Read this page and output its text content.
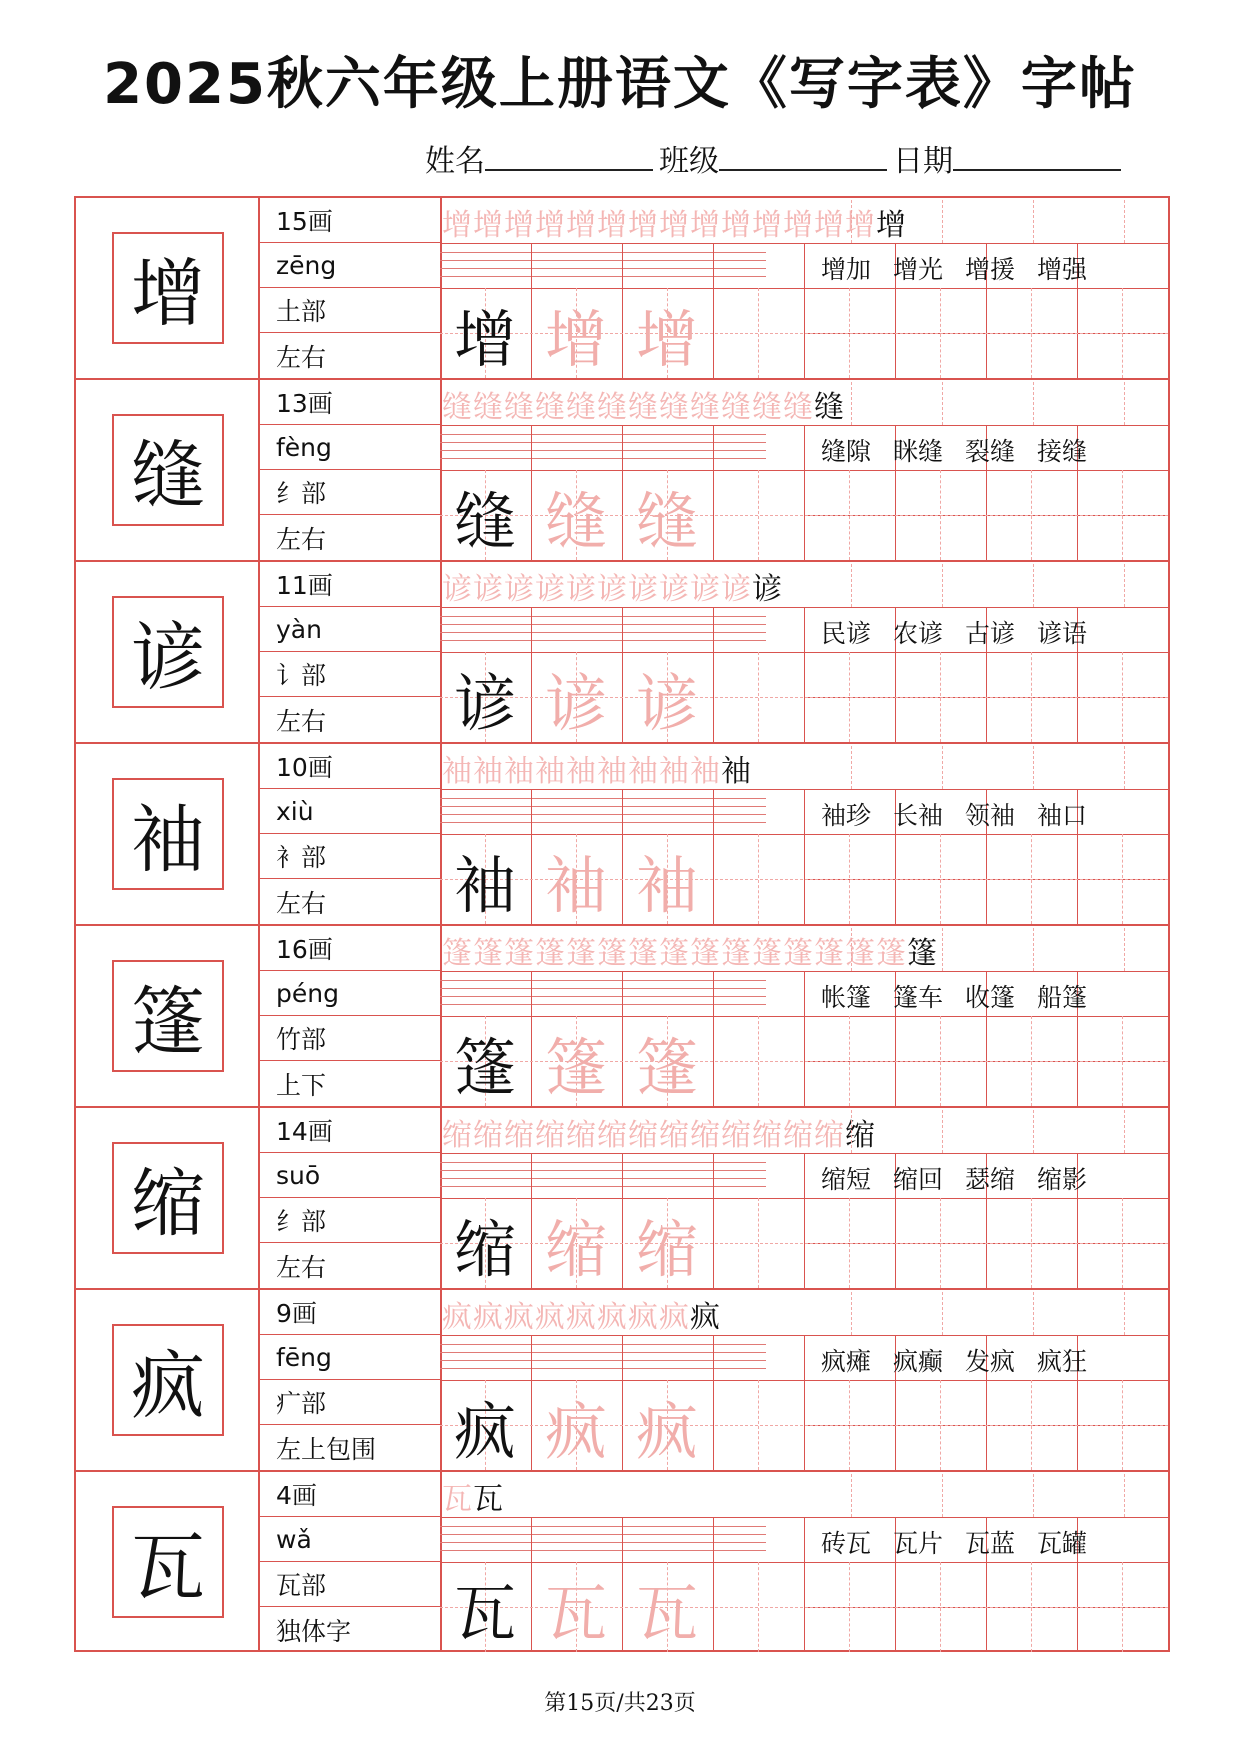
2025秋六年级上册语文《写字表》字帖
姓名	班级	日期
增
15画
zēng
土部
左右
增增增增增增增增增增增增增增增
增加 增光 增援 增强
增 增 增
缝
13画
fèng
纟部
左右
缝缝缝缝缝缝缝缝缝缝缝缝缝
缝隙 眯缝 裂缝 接缝
缝 缝 缝
谚
11画
yàn
讠部
左右
谚谚谚谚谚谚谚谚谚谚谚
民谚 农谚 古谚 谚语
谚 谚 谚
袖
10画
xiù
衤部
左右
袖袖袖袖袖袖袖袖袖袖
袖珍 长袖 领袖 袖口
袖 袖 袖
篷
16画
péng
竹部
上下
篷篷篷篷篷篷篷篷篷篷篷篷篷篷篷篷
帐篷 篷车 收篷 船篷
篷 篷 篷
缩
14画
suō
纟部
左右
缩缩缩缩缩缩缩缩缩缩缩缩缩缩
缩短 缩回 瑟缩 缩影
缩 缩 缩
疯
9画
fēng
疒部
左上包围
疯疯疯疯疯疯疯疯疯
疯瘫 疯癫 发疯 疯狂
疯 疯 疯
瓦
4画
wǎ
瓦部
独体字
瓦瓦
砖瓦 瓦片 瓦蓝 瓦罐
瓦 瓦 瓦
第15页/共23页
